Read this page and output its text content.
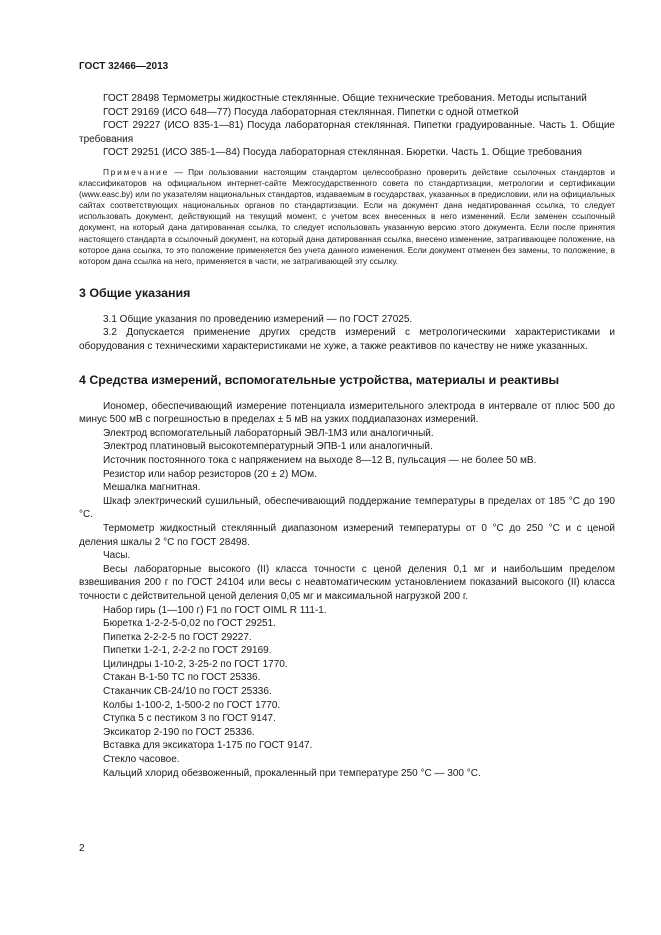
ГОСТ 32466—2013

ГОСТ 28498 Термометры жидкостные стеклянные. Общие технические требования. Методы испытаний

ГОСТ 29169 (ИСО 648—77) Посуда лабораторная стеклянная. Пипетки с одной отметкой

ГОСТ 29227 (ИСО 835-1—81) Посуда лабораторная стеклянная. Пипетки градуированные. Часть 1. Общие требования

ГОСТ 29251 (ИСО 385-1—84) Посуда лабораторная стеклянная. Бюретки. Часть 1. Общие требования

Примечание — При пользовании настоящим стандартом целесообразно проверить действие ссылочных стандартов и классификаторов на официальном интернет-сайте Межгосударственного совета по стандартизации, метрологии и сертификации (www.easc.by) или по указателям национальных стандартов, издаваемым в государствах, указанных в предисловии, или на официальных сайтах соответствующих национальных органов по стандартизации. Если на документ дана недатированная ссылка, то следует использовать документ, действующий на текущий момент, с учетом всех внесенных в него изменений. Если заменен ссылочный документ, на который дана датированная ссылка, то следует использовать указанную версию этого документа. Если после принятия настоящего стандарта в ссылочный документ, на который дана датированная ссылка, внесено изменение, затрагивающее положение, на которое дана ссылка, то это положение применяется без учета данного изменения. Если документ отменен без замены, то положение, в котором дана ссылка на него, применяется в части, не затрагивающей эту ссылку.

3 Общие указания

3.1 Общие указания по проведению измерений — по ГОСТ 27025.

3.2 Допускается применение других средств измерений с метрологическими характеристиками и оборудования с техническими характеристиками не хуже, а также реактивов по качеству не ниже указанных.

4 Средства измерений, вспомогательные устройства, материалы и реактивы

Иономер, обеспечивающий измерение потенциала измерительного электрода в интервале от плюс 500 до минус 500 мВ с погрешностью в пределах ± 5 мВ на узких поддиапазонах измерений.

Электрод вспомогательный лабораторный ЭВЛ-1М3 или аналогичный.

Электрод платиновый высокотемпературный ЭПВ-1 или аналогичный.

Источник постоянного тока с напряжением на выходе 8—12 В, пульсация — не более 50 мВ.

Резистор или набор резисторов (20 ± 2) МОм.

Мешалка магнитная.

Шкаф электрический сушильный, обеспечивающий поддержание температуры в пределах от 185 °C до 190 °C.

Термометр жидкостный стеклянный диапазоном измерений температуры от 0 °C до 250 °C и с ценой деления шкалы 2 °C по ГОСТ 28498.

Часы.

Весы лабораторные высокого (II) класса точности с ценой деления 0,1 мг и наибольшим пределом взвешивания 200 г по ГОСТ 24104 или весы с неавтоматическим установлением показаний высокого (II) класса точности с действительной ценой деления 0,05 мг и максимальной нагрузкой 200 г.

Набор гирь (1—100 г) F1 по ГОСТ OIML R 111-1.

Бюретка 1-2-2-5-0,02 по ГОСТ 29251.

Пипетка 2-2-2-5 по ГОСТ 29227.

Пипетки 1-2-1, 2-2-2 по ГОСТ 29169.

Цилиндры 1-10-2, 3-25-2 по ГОСТ 1770.

Стакан В-1-50 ТС по ГОСТ 25336.

Стаканчик СВ-24/10 по ГОСТ 25336.

Колбы 1-100-2, 1-500-2 по ГОСТ 1770.

Ступка 5 с пестиком 3 по ГОСТ 9147.

Эксикатор 2-190 по ГОСТ 25336.

Вставка для эксикатора 1-175 по ГОСТ 9147.

Стекло часовое.

Кальций хлорид обезвоженный, прокаленный при температуре 250 °C — 300 °C.

2
